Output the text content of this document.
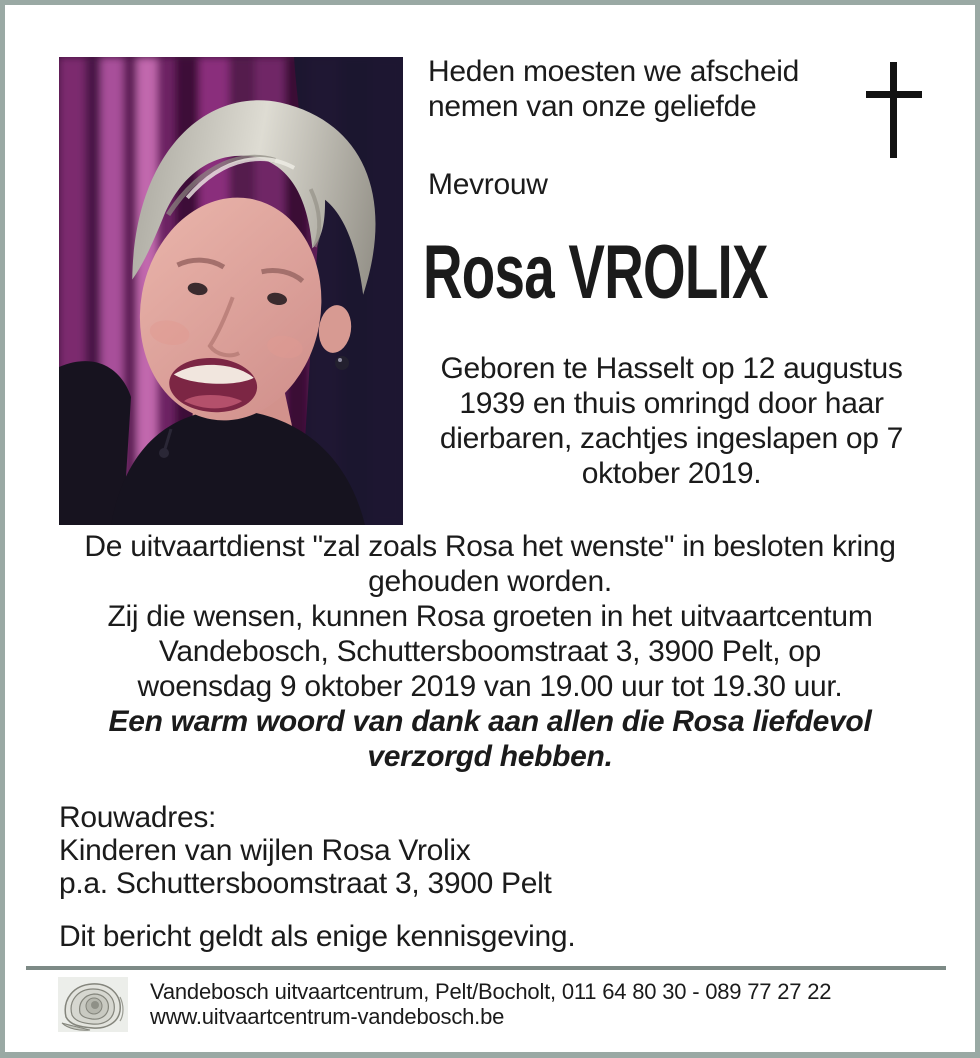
Heden moesten we afscheid
nemen van onze geliefde
Mevrouw
Rosa VROLIX
Geboren te Hasselt op 12 augustus
1939 en thuis omringd door haar
dierbaren, zachtjes ingeslapen op 7
oktober 2019.
De uitvaartdienst "zal zoals Rosa het wenste" in besloten kring
gehouden worden.
Zij die wensen, kunnen Rosa groeten in het uitvaartcentum
Vandebosch, Schuttersboomstraat 3, 3900 Pelt, op
woensdag 9 oktober 2019 van 19.00 uur tot 19.30 uur.
Een warm woord van dank aan allen die Rosa liefdevol
verzorgd hebben.
Rouwadres:
Kinderen van wijlen Rosa Vrolix
p.a. Schuttersboomstraat 3, 3900 Pelt
Dit bericht geldt als enige kennisgeving.
Vandebosch uitvaartcentrum, Pelt/Bocholt, 011 64 80 30 - 089 77 27 22
www.uitvaartcentrum-vandebosch.be
